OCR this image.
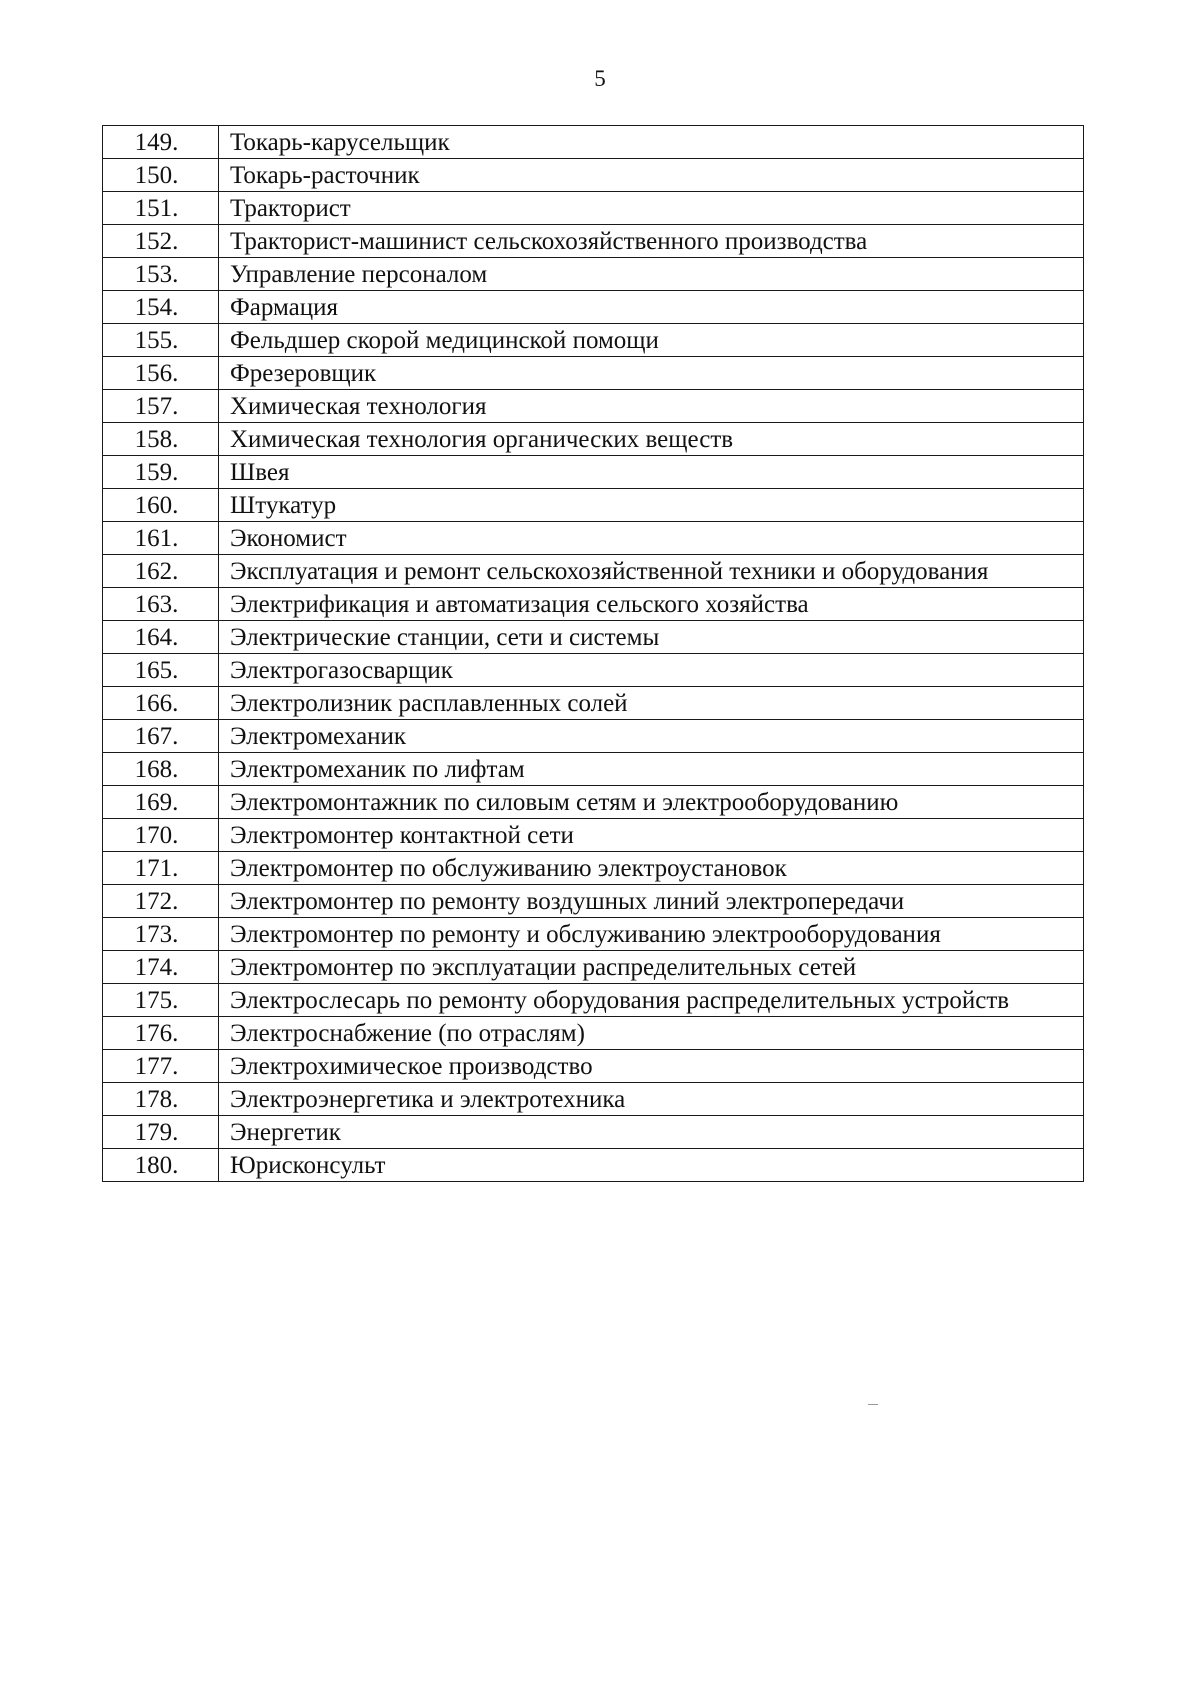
5
149.	Токарь-карусельщик
150.	Токарь-расточник
151.	Тракторист
152.	Тракторист-машинист сельскохозяйственного производства
153.	Управление персоналом
154.	Фармация
155.	Фельдшер скорой медицинской помощи
156.	Фрезеровщик
157.	Химическая технология
158.	Химическая технология органических веществ
159.	Швея
160.	Штукатур
161.	Экономист
162.	Эксплуатация и ремонт сельскохозяйственной техники и оборудования
163.	Электрификация и автоматизация сельского хозяйства
164.	Электрические станции, сети и системы
165.	Электрогазосварщик
166.	Электролизник расплавленных солей
167.	Электромеханик
168.	Электромеханик по лифтам
169.	Электромонтажник по силовым сетям и электрооборудованию
170.	Электромонтер контактной сети
171.	Электромонтер по обслуживанию электроустановок
172.	Электромонтер по ремонту воздушных линий электропередачи
173.	Электромонтер по ремонту и обслуживанию электрооборудования
174.	Электромонтер по эксплуатации распределительных сетей
175.	Электрослесарь по ремонту оборудования распределительных устройств
176.	Электроснабжение (по отраслям)
177.	Электрохимическое производство
178.	Электроэнергетика и электротехника
179.	Энергетик
180.	Юрисконсульт
